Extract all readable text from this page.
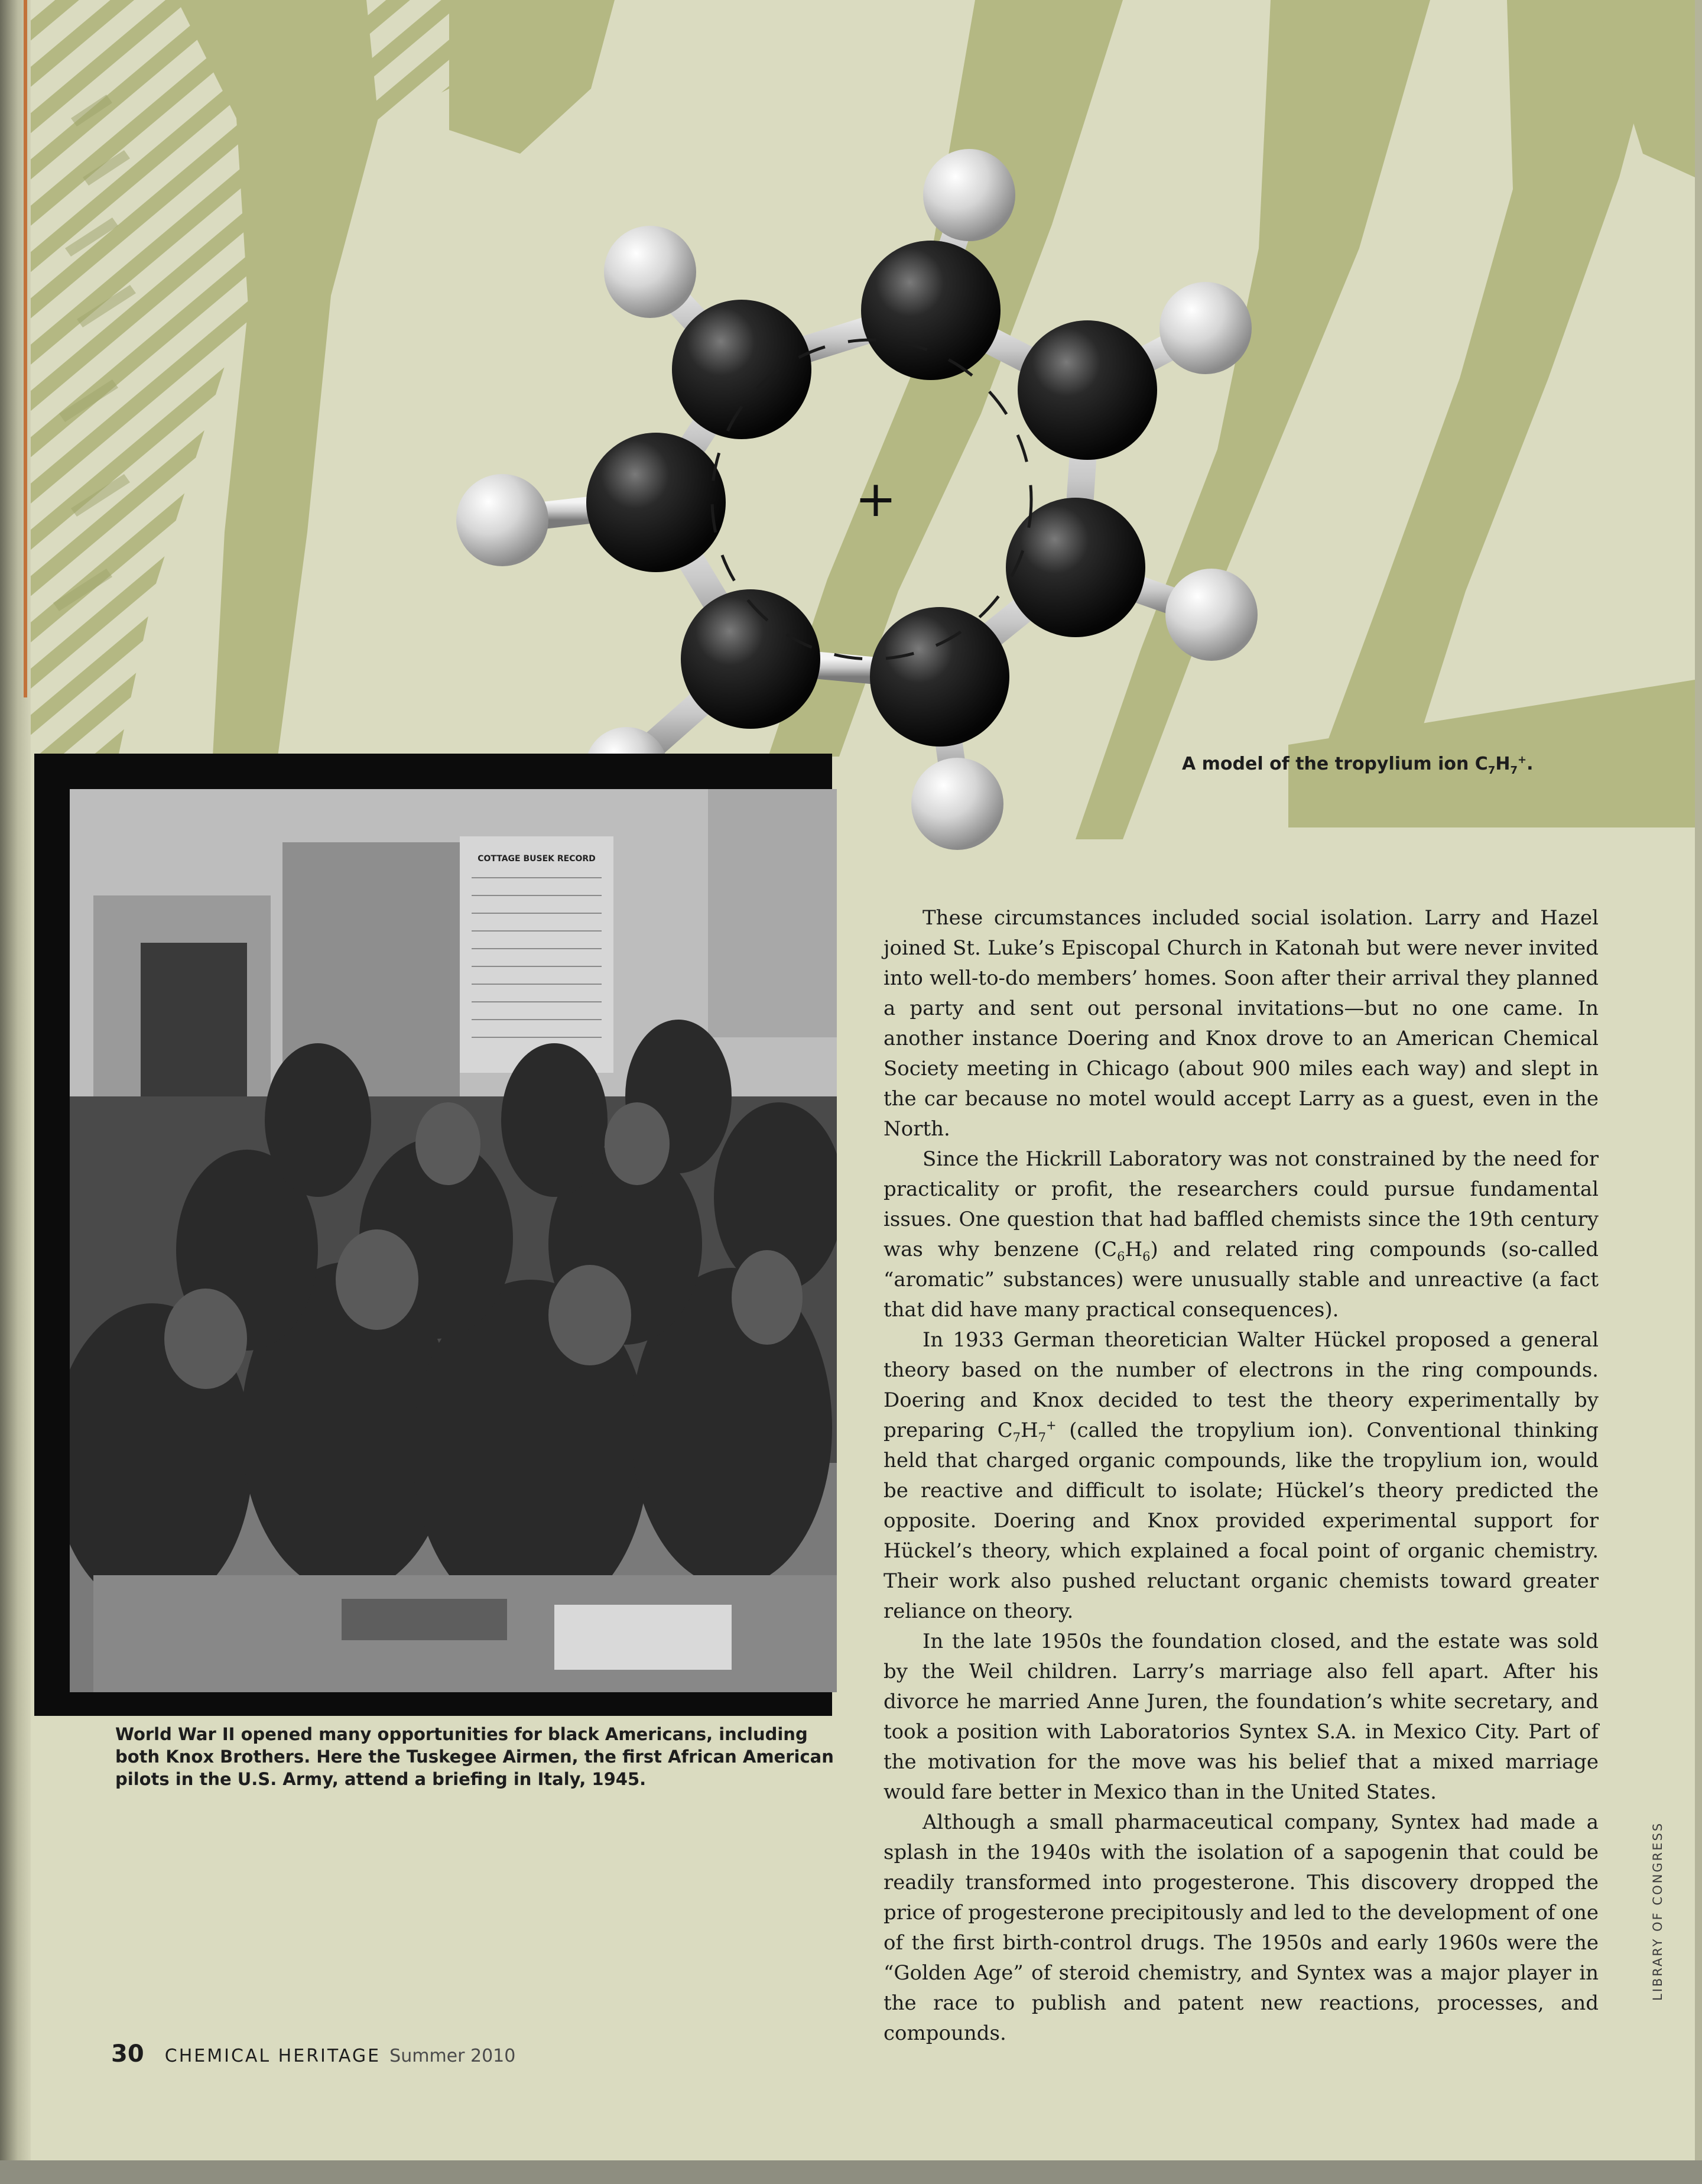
+
A model of the tropylium ion $C_7H_7^+$.
COTTAGE BUSEK RECORD
World War II opened many opportunities for black Americans, including both Knox Brothers. Here the Tuskegee Airmen, the first African American pilots in the U.S. Army, attend a briefing in Italy, 1945.

These circumstances included social isolation. Larry and Hazel joined St. Luke’s Episcopal Church in Katonah but were never invited into well-to-do members’ homes. Soon after their arrival they planned a party and sent out personal invitations—but no one came. In another instance Doering and Knox drove to an American Chemical Society meeting in Chicago (about 900 miles each way) and slept in the car because no motel would accept Larry as a guest, even in the North.

Since the Hickrill Laboratory was not constrained by the need for practicality or profit, the researchers could pursue fundamental issues. One question that had baffled chemists since the 19th century was why benzene $(C_6H_6)$ and related ring compounds (so-called “aromatic” substances) were unusually stable and unreactive (a fact that did have many practical consequences).

In 1933 German theoretician Walter Hückel proposed a general theory based on the number of electrons in the ring compounds. Doering and Knox decided to test the theory experimentally by preparing $C_7H_7^+$ (called the tropylium ion). Conventional thinking held that charged organic compounds, like the tropylium ion, would be reactive and difficult to isolate; Hückel’s theory predicted the opposite. Doering and Knox provided experimental support for Hückel’s theory, which explained a focal point of organic chemistry. Their work also pushed reluctant organic chemists toward greater reliance on theory.

In the late 1950s the foundation closed, and the estate was sold by the Weil children. Larry’s marriage also fell apart. After his divorce he married Anne Juren, the foundation’s white secretary, and took a position with Laboratorios Syntex S.A. in Mexico City. Part of the motivation for the move was his belief that a mixed marriage would fare better in Mexico than in the United States.

Although a small pharmaceutical company, Syntex had made a splash in the 1940s with the isolation of a sapogenin that could be readily transformed into progesterone. This discovery dropped the price of progesterone precipitously and led to the development of one of the first birth-control drugs. The 1950s and early 1960s were the “Golden Age” of steroid chemistry, and Syntex was a major player in the race to publish and patent new reactions, processes, and compounds.

LIBRARY OF CONGRESS
30 CHEMICAL HERITAGE Summer 2010
